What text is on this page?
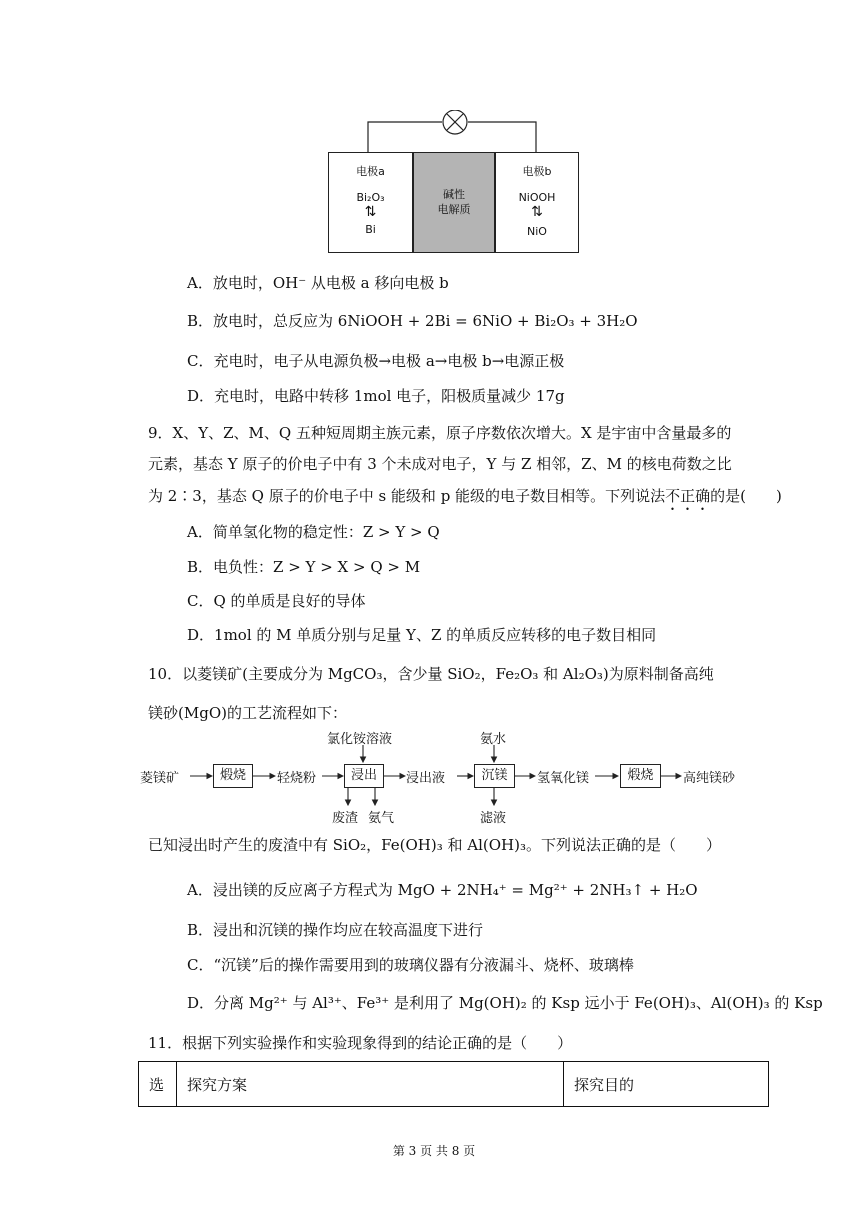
电极a
Bi₂O₃
⇅
Bi
碱性
电解质
电极b
NiOOH
⇅
NiO
A．放电时，OH⁻ 从电极 a 移向电极 b
B．放电时，总反应为 6NiOOH + 2Bi = 6NiO + Bi₂O₃ + 3H₂O
C．充电时，电子从电源负极→电极 a→电极 b→电源正极
D．充电时，电路中转移 1mol 电子，阳极质量减少 17g
9．X、Y、Z、M、Q 五种短周期主族元素，原子序数依次增大。X 是宇宙中含量最多的
元素，基态 Y 原子的价电子中有 3 个未成对电子，Y 与 Z 相邻，Z、M 的核电荷数之比
为 2∶3，基态 Q 原子的价电子中 s 能级和 p 能级的电子数目相等。下列说法不正确的是(　　)
A．简单氢化物的稳定性：Z > Y > Q
B．电负性：Z > Y > X > Q > M
C．Q 的单质是良好的导体
D．1mol 的 M 单质分别与足量 Y、Z 的单质反应转移的电子数目相同
10．以菱镁矿(主要成分为 MgCO₃，含少量 SiO₂，Fe₂O₃ 和 Al₂O₃)为原料制备高纯
镁砂(MgO)的工艺流程如下：
菱镁矿	煅烧	轻烧粉	浸出
氯化铵溶液
浸出液	沉镁
氨水
氢氧化镁	煅烧	高纯镁砂
废渣 氨气	滤液
已知浸出时产生的废渣中有 SiO₂，Fe(OH)₃ 和 Al(OH)₃。下列说法正确的是（　　）
A．浸出镁的反应离子方程式为 MgO + 2NH₄⁺ = Mg²⁺ + 2NH₃↑ + H₂O
B．浸出和沉镁的操作均应在较高温度下进行
C．“沉镁”后的操作需要用到的玻璃仪器有分液漏斗、烧杯、玻璃棒
D．分离 Mg²⁺ 与 Al³⁺、Fe³⁺ 是利用了 Mg(OH)₂ 的 Ksp 远小于 Fe(OH)₃、Al(OH)₃ 的 Ksp
11．根据下列实验操作和实验现象得到的结论正确的是（　　）
选	探究方案	探究目的
第 3 页 共 8 页
